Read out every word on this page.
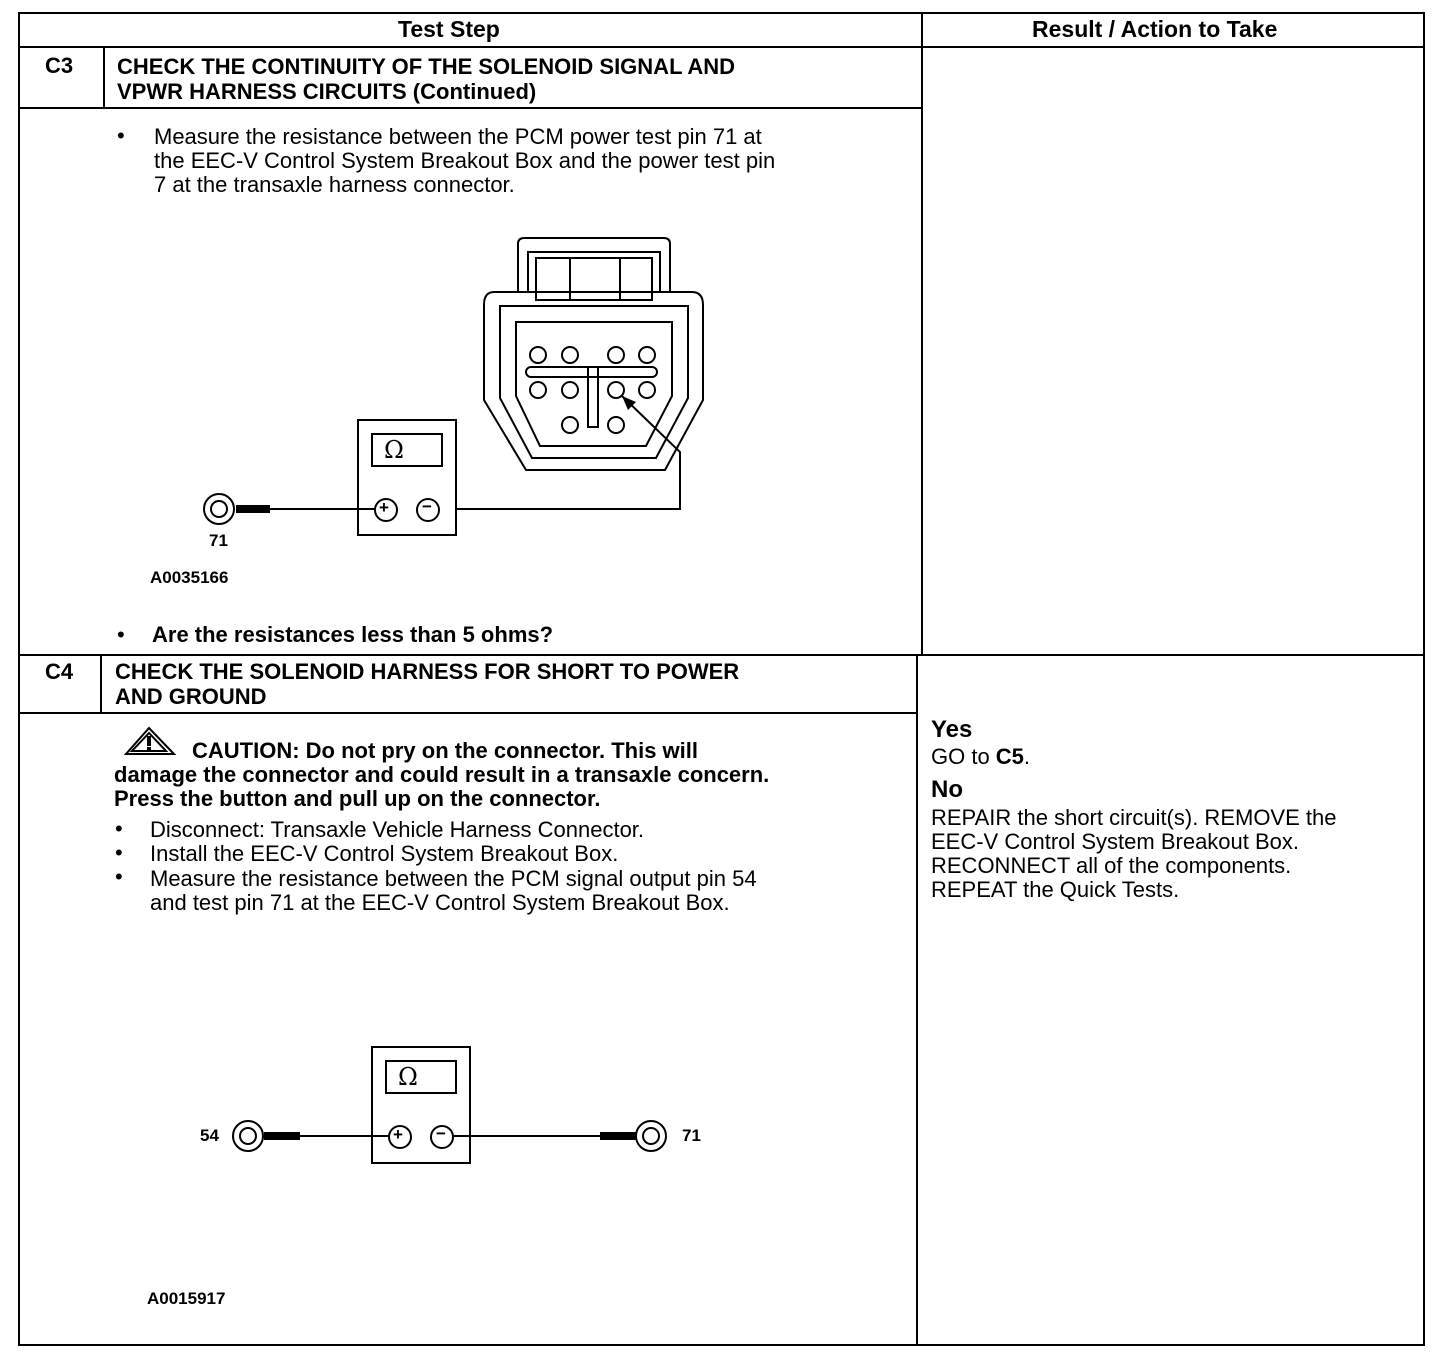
Test Step	Result / Action to Take

C3 CHECK THE CONTINUITY OF THE SOLENOID SIGNAL AND
VPWR HARNESS CIRCUITS (Continued)

• Measure the resistance between the PCM power test pin 71 at
the EEC-V Control System Breakout Box and the power test pin
7 at the transaxle harness connector.

Ω

+ −

71

A0035166

• Are the resistances less than 5 ohms?

C4 CHECK THE SOLENOID HARNESS FOR SHORT TO POWER
AND GROUND

CAUTION: Do not pry on the connector. This will

damage the connector and could result in a transaxle concern.

Press the button and pull up on the connector.

• Disconnect: Transaxle Vehicle Harness Connector.

• Install the EEC-V Control System Breakout Box.

• Measure the resistance between the PCM signal output pin 54
and test pin 71 at the EEC-V Control System Breakout Box.

Ω

+ −

54	71

A0015917

Yes

GO to C5.

No

REPAIR the short circuit(s). REMOVE the
EEC-V Control System Breakout Box.
RECONNECT all of the components.
REPEAT the Quick Tests.
